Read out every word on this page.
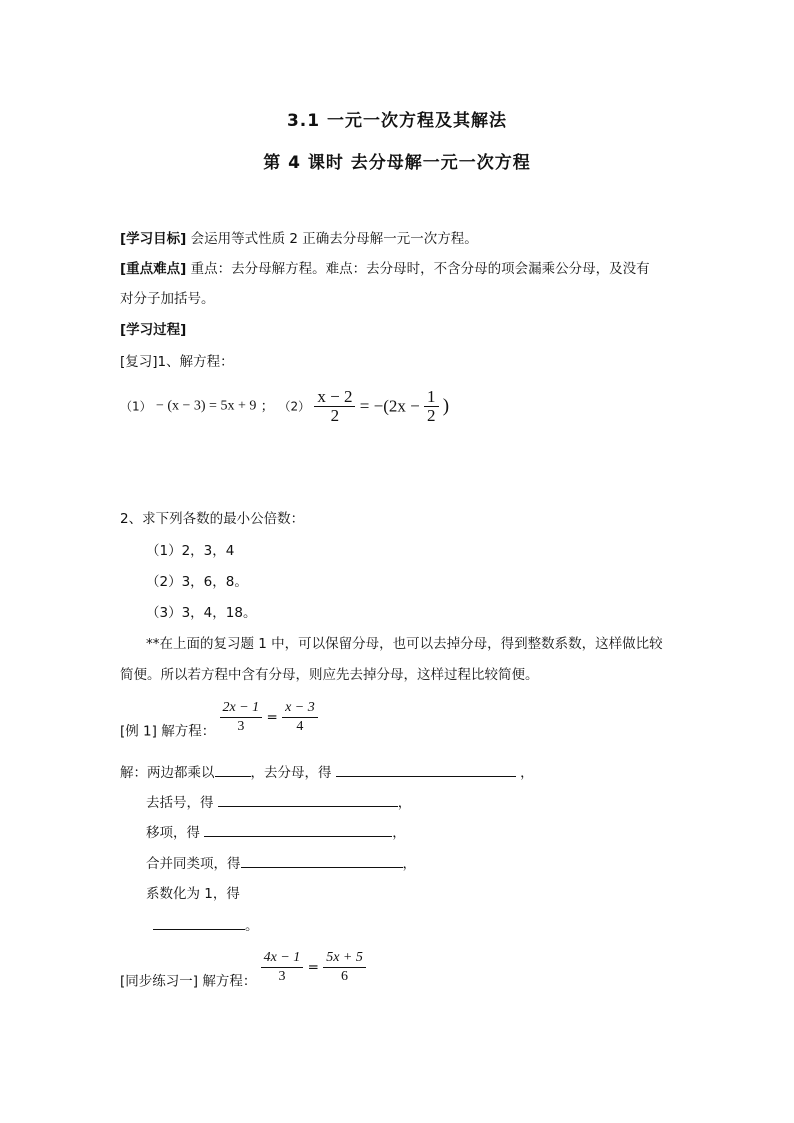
3.1 一元一次方程及其解法
第 4 课时 去分母解一元一次方程
[学习目标] 会运用等式性质 2 正确去分母解一元一次方程。
[重点难点] 重点：去分母解方程。难点：去分母时，不含分母的项会漏乘公分母，及没有
对分子加括号。
[学习过程]
[复习]1、解方程：
（1） − (x − 3) = 5x + 9 ； $(2) \frac{x - 2}{2} = -(2x - \frac{1}{2}$ )
2、求下列各数的最小公倍数：
（1）2，3，4
（2）3，6，8。
（3）3，4，18。
**在上面的复习题 1 中，可以保留分母，也可以去掉分母，得到整数系数，这样做比较
简便。所以若方程中含有分母，则应先去掉分母，这样过程比较简便。
[例 1] 解方程： $\frac{2x - 1}{3} = \frac{x - 3}{4}$
解：两边都乘以	，去分母，得	，
去括号，得	，
移项，得	，
合并同类项，得	，
系数化为 1，得
。
[同步练习一] 解方程： $\frac{4x - 1}{3} = \frac{5x + 5}{6}$
